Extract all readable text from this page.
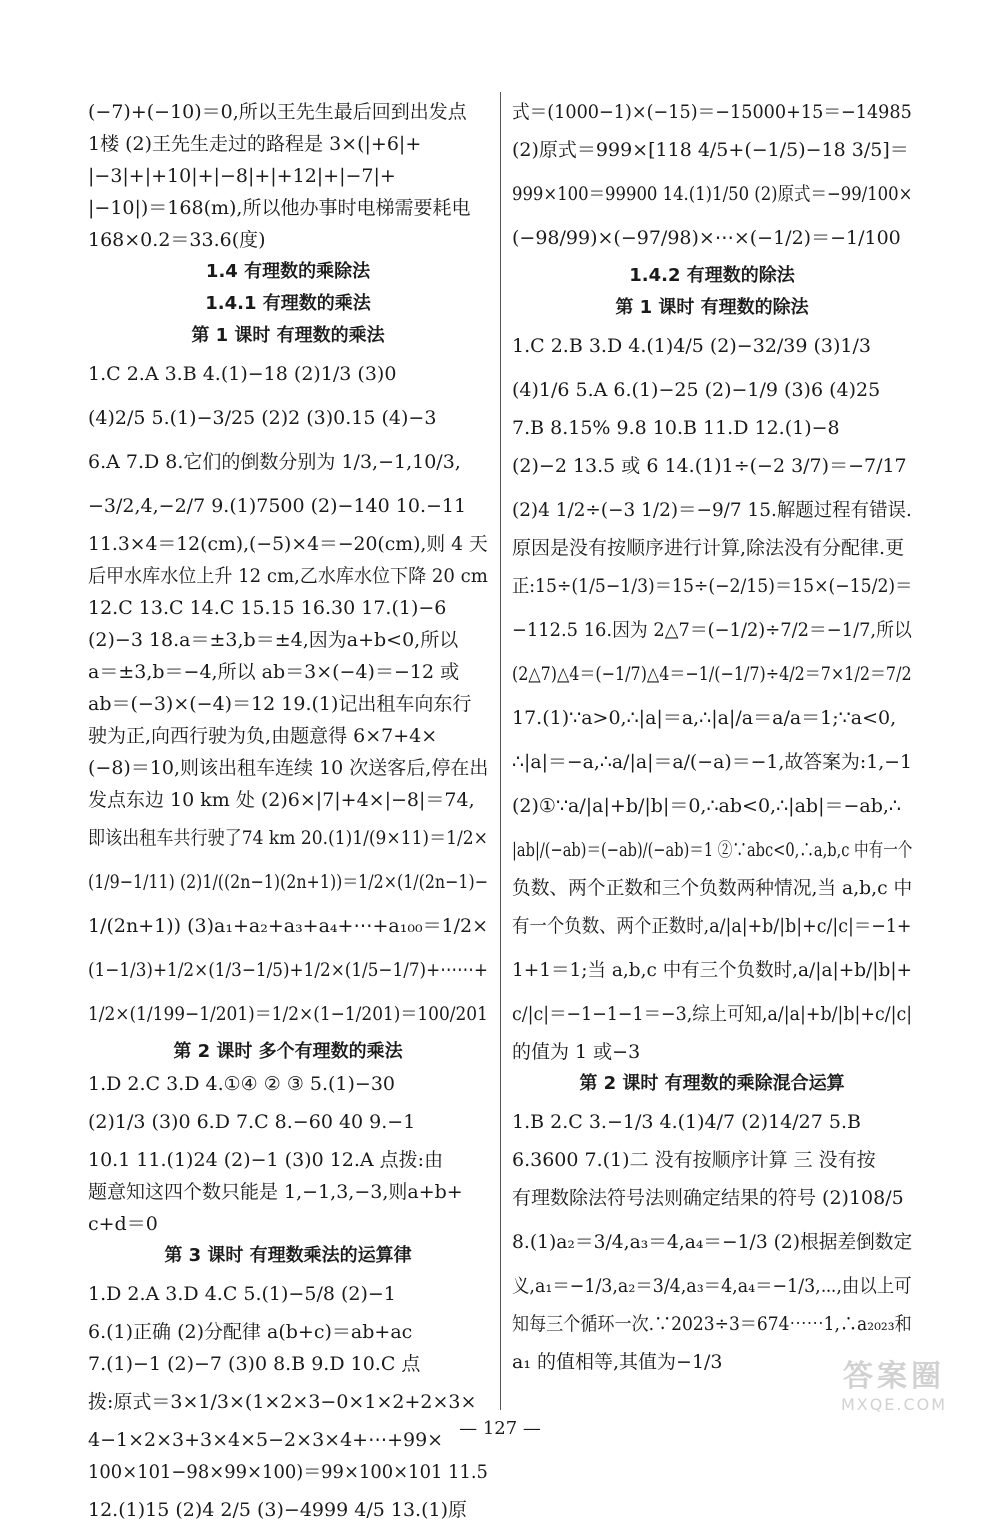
(−7)+(−10)＝0,所以王先生最后回到出发点
1楼 (2)王先生走过的路程是 3×(|+6|+
|−3|+|+10|+|−8|+|+12|+|−7|+
|−10|)＝168(m),所以他办事时电梯需要耗电
168×0.2＝33.6(度)
1.4 有理数的乘除法
1.4.1 有理数的乘法
第 1 课时 有理数的乘法
1.C 2.A 3.B 4.(1)−18 (2)1/3 (3)0
(4)2/5 5.(1)−3/25 (2)2 (3)0.15 (4)−3
6.A 7.D 8.它们的倒数分别为 1/3,−1,10/3,
−3/2,4,−2/7 9.(1)7500 (2)−140 10.−11
11.3×4＝12(cm),(−5)×4＝−20(cm),则 4 天
后甲水库水位上升 12 cm,乙水库水位下降 20 cm
12.C 13.C 14.C 15.15 16.30 17.(1)−6
(2)−3 18.a＝±3,b＝±4,因为a+b<0,所以
a＝±3,b＝−4,所以 ab＝3×(−4)＝−12 或
ab＝(−3)×(−4)＝12 19.(1)记出租车向东行
驶为正,向西行驶为负,由题意得 6×7+4×
(−8)＝10,则该出租车连续 10 次送客后,停在出
发点东边 10 km 处 (2)6×|7|+4×|−8|＝74,
即该出租车共行驶了74 km 20.(1)1/(9×11)＝1/2×
(1/9−1/11) (2)1/((2n−1)(2n+1))＝1/2×(1/(2n−1)−
1/(2n+1)) (3)a₁+a₂+a₃+a₄+⋯+a₁₀₀＝1/2×
(1−1/3)+1/2×(1/3−1/5)+1/2×(1/5−1/7)+⋯⋯+
1/2×(1/199−1/201)＝1/2×(1−1/201)＝100/201
第 2 课时 多个有理数的乘法
1.D 2.C 3.D 4.①④ ② ③ 5.(1)−30
(2)1/3 (3)0 6.D 7.C 8.−60 40 9.−1
10.1 11.(1)24 (2)−1 (3)0 12.A 点拨:由
题意知这四个数只能是 1,−1,3,−3,则a+b+
c+d＝0
第 3 课时 有理数乘法的运算律
1.D 2.A 3.D 4.C 5.(1)−5/8 (2)−1
6.(1)正确 (2)分配律 a(b+c)＝ab+ac
7.(1)−1 (2)−7 (3)0 8.B 9.D 10.C 点
拨:原式＝3×1/3×(1×2×3−0×1×2+2×3×
4−1×2×3+3×4×5−2×3×4+⋯+99×
100×101−98×99×100)＝99×100×101 11.5
12.(1)15 (2)4 2/5 (3)−4999 4/5 13.(1)原
式＝(1000−1)×(−15)＝−15000+15＝−14985
(2)原式＝999×[118 4/5+(−1/5)−18 3/5]＝
999×100＝99900 14.(1)1/50 (2)原式＝−99/100×
(−98/99)×(−97/98)×⋯×(−1/2)＝−1/100
1.4.2 有理数的除法
第 1 课时 有理数的除法
1.C 2.B 3.D 4.(1)4/5 (2)−32/39 (3)1/3
(4)1/6 5.A 6.(1)−25 (2)−1/9 (3)6 (4)25
7.B 8.15% 9.8 10.B 11.D 12.(1)−8
(2)−2 13.5 或 6 14.(1)1÷(−2 3/7)＝−7/17
(2)4 1/2÷(−3 1/2)＝−9/7 15.解题过程有错误.
原因是没有按顺序进行计算,除法没有分配律.更
正:15÷(1/5−1/3)＝15÷(−2/15)＝15×(−15/2)＝
−112.5 16.因为 2△7＝(−1/2)÷7/2＝−1/7,所以
(2△7)△4＝(−1/7)△4＝−1/(−1/7)÷4/2＝7×1/2＝7/2
17.(1)∵a>0,∴|a|＝a,∴|a|/a＝a/a＝1;∵a<0,
∴|a|＝−a,∴a/|a|＝a/(−a)＝−1,故答案为:1,−1
(2)①∵a/|a|+b/|b|＝0,∴ab<0,∴|ab|＝−ab,∴
|ab|/(−ab)＝(−ab)/(−ab)＝1 ②∵abc<0,∴a,b,c 中有一个
负数、两个正数和三个负数两种情况,当 a,b,c 中
有一个负数、两个正数时,a/|a|+b/|b|+c/|c|＝−1+
1+1＝1;当 a,b,c 中有三个负数时,a/|a|+b/|b|+
c/|c|＝−1−1−1＝−3,综上可知,a/|a|+b/|b|+c/|c|
的值为 1 或−3
第 2 课时 有理数的乘除混合运算
1.B 2.C 3.−1/3 4.(1)4/7 (2)14/27 5.B
6.3600 7.(1)二 没有按顺序计算 三 没有按
有理数除法符号法则确定结果的符号 (2)108/5
8.(1)a₂＝3/4,a₃＝4,a₄＝−1/3 (2)根据差倒数定
义,a₁＝−1/3,a₂＝3/4,a₃＝4,a₄＝−1/3,⋯,由以上可
知每三个循环一次.∵2023÷3＝674⋯⋯1,∴a₂₀₂₃和
a₁ 的值相等,其值为−1/3	答案圈
MXQE.COM
— 127 —
